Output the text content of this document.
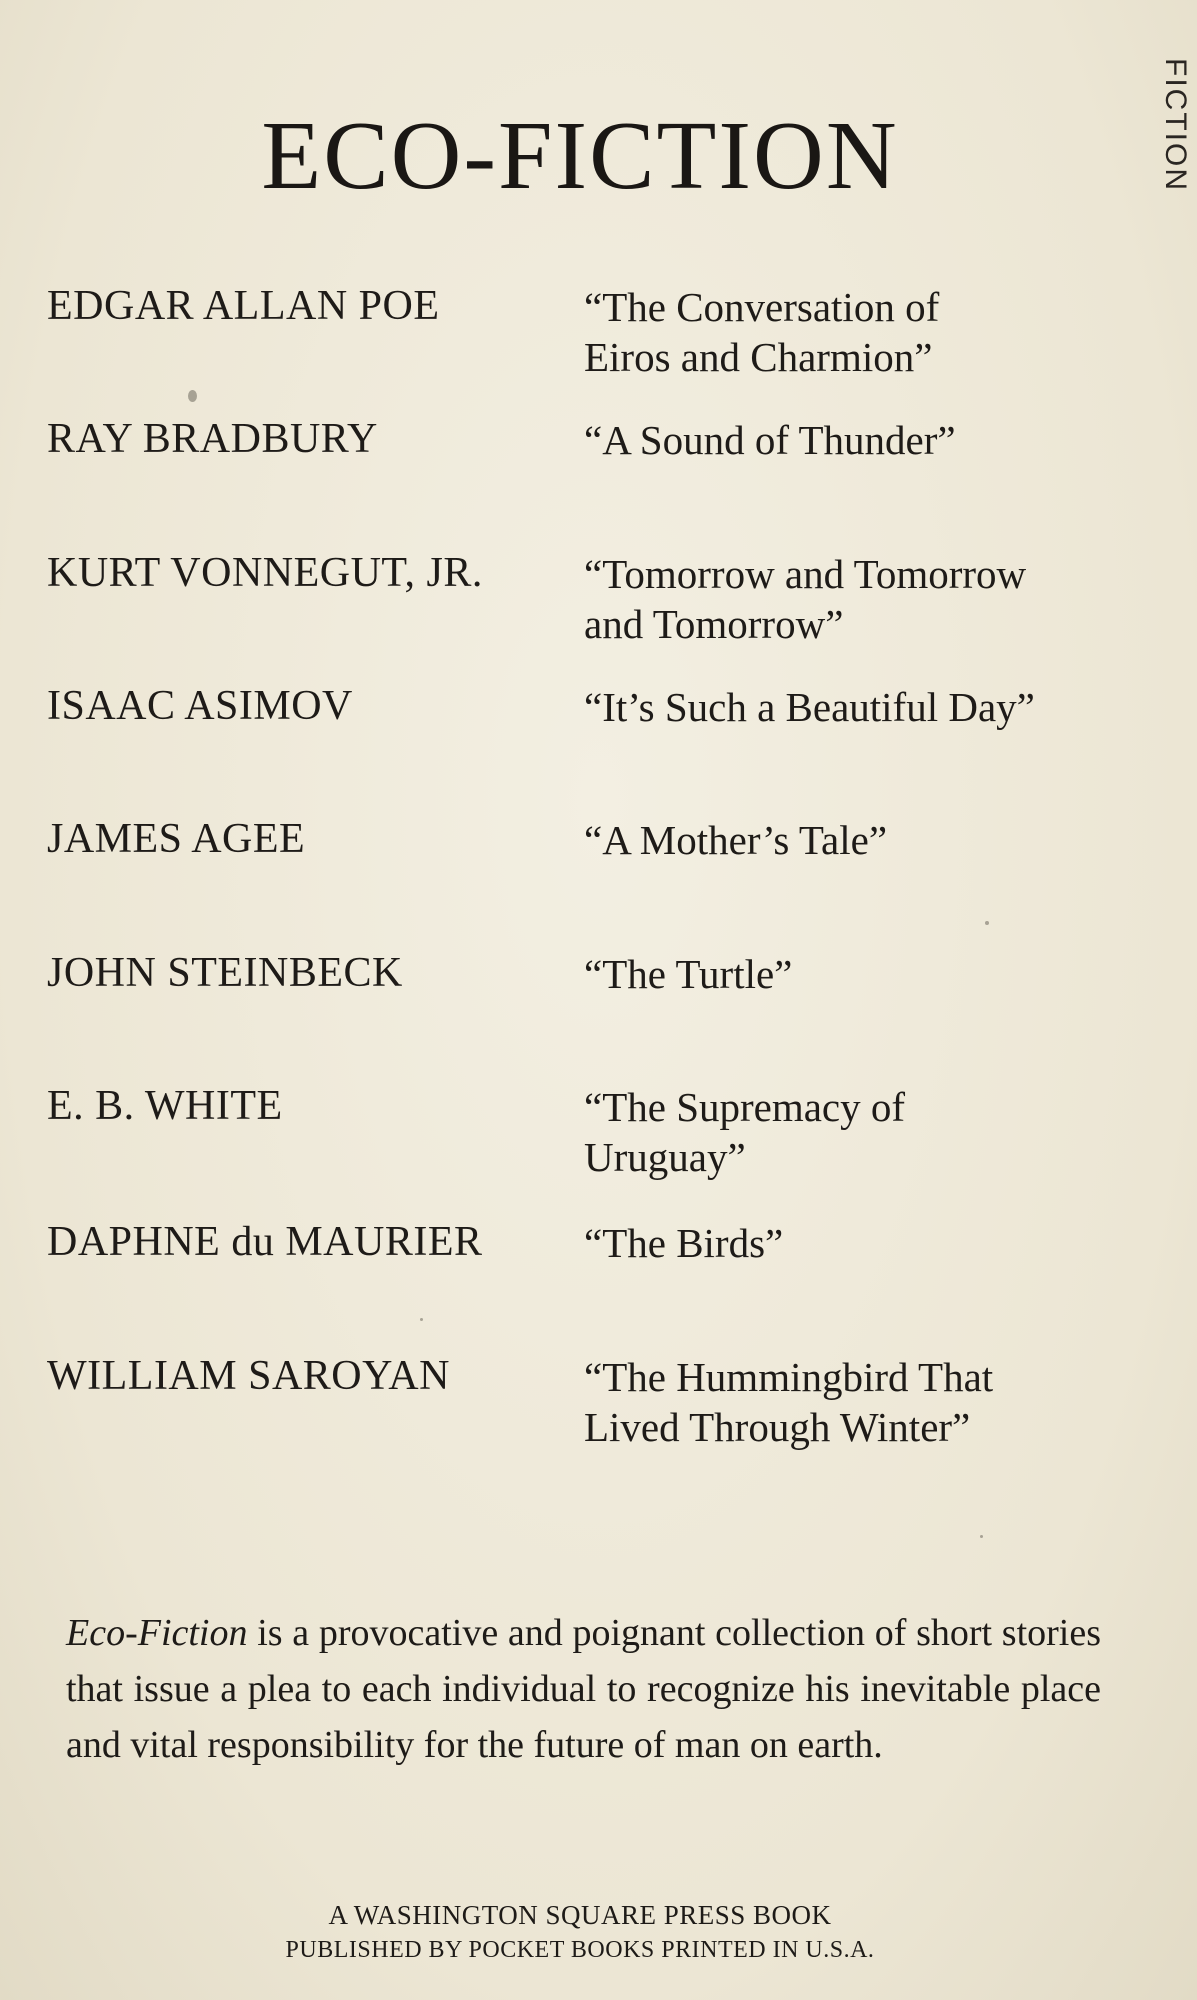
FICTION
ECO-FICTION
EDGAR ALLAN POE	“The Conversation of
Eiros and Charmion”
RAY BRADBURY	“A Sound of Thunder”
KURT VONNEGUT, JR.	“Tomorrow and Tomorrow
and Tomorrow”
ISAAC ASIMOV	“It’s Such a Beautiful Day”
JAMES AGEE	“A Mother’s Tale”
JOHN STEINBECK	“The Turtle”
E. B. WHITE	“The Supremacy of
Uruguay”
DAPHNE du MAURIER	“The Birds”
WILLIAM SAROYAN	“The Hummingbird That
Lived Through Winter”

Eco-Fiction is a provocative and poignant collection of short stories that issue a plea to each individual to recognize his inevitable place and vital responsibility for the future of man on earth.

A WASHINGTON SQUARE PRESS BOOK
PUBLISHED BY POCKET BOOKS PRINTED IN U.S.A.
